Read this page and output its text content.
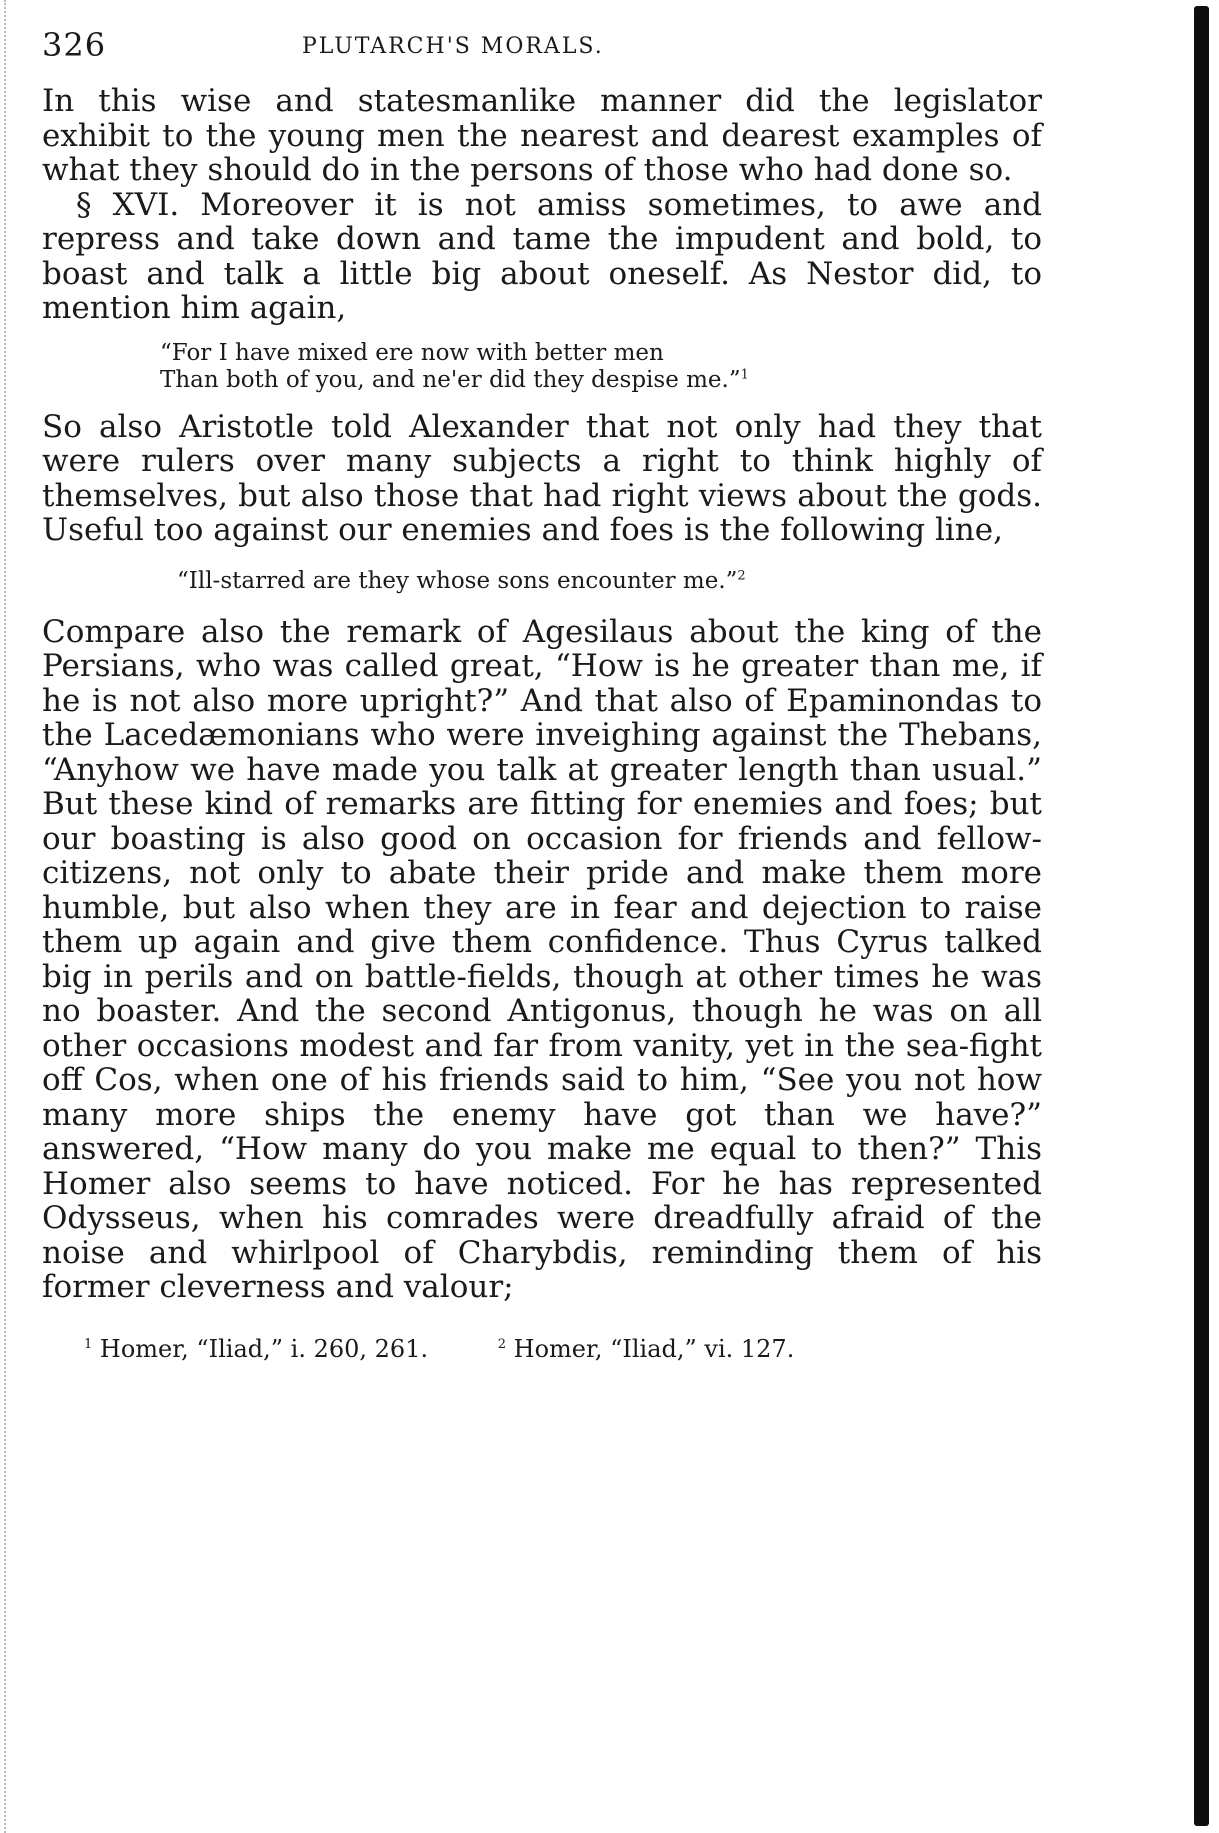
326	PLUTARCH'S MORALS.

In this wise and statesmanlike manner did the legislator exhibit to the young men the nearest and dearest examples of what they should do in the persons of those who had done so.

§ XVI. Moreover it is not amiss sometimes, to awe and repress and take down and tame the impudent and bold, to boast and talk a little big about oneself. As Nestor did, to mention him again,

“For I have mixed ere now with better men
Than both of you, and ne'er did they despise me.”$^1$

So also Aristotle told Alexander that not only had they that were rulers over many subjects a right to think highly of themselves, but also those that had right views about the gods. Useful too against our enemies and foes is the following line,

“Ill-starred are they whose sons encounter me.”$^2$

Compare also the remark of Agesilaus about the king of the Persians, who was called great, “How is he greater than me, if he is not also more upright?” And that also of Epaminondas to the Lacedæmonians who were inveighing against the Thebans, “Anyhow we have made you talk at greater length than usual.” But these kind of remarks are fitting for enemies and foes; but our boasting is also good on occasion for friends and fellow-citizens, not only to abate their pride and make them more humble, but also when they are in fear and dejection to raise them up again and give them confidence. Thus Cyrus talked big in perils and on battle-fields, though at other times he was no boaster. And the second Antigonus, though he was on all other occasions modest and far from vanity, yet in the sea-fight off Cos, when one of his friends said to him, “See you not how many more ships the enemy have got than we have?” answered, “How many do you make me equal to then?” This Homer also seems to have noticed. For he has represented Odysseus, when his comrades were dreadfully afraid of the noise and whirlpool of Charybdis, reminding them of his former cleverness and valour;

$^1$ Homer, “Iliad,” i. 260, 261.	$^2$ Homer, “Iliad,” vi. 127.
